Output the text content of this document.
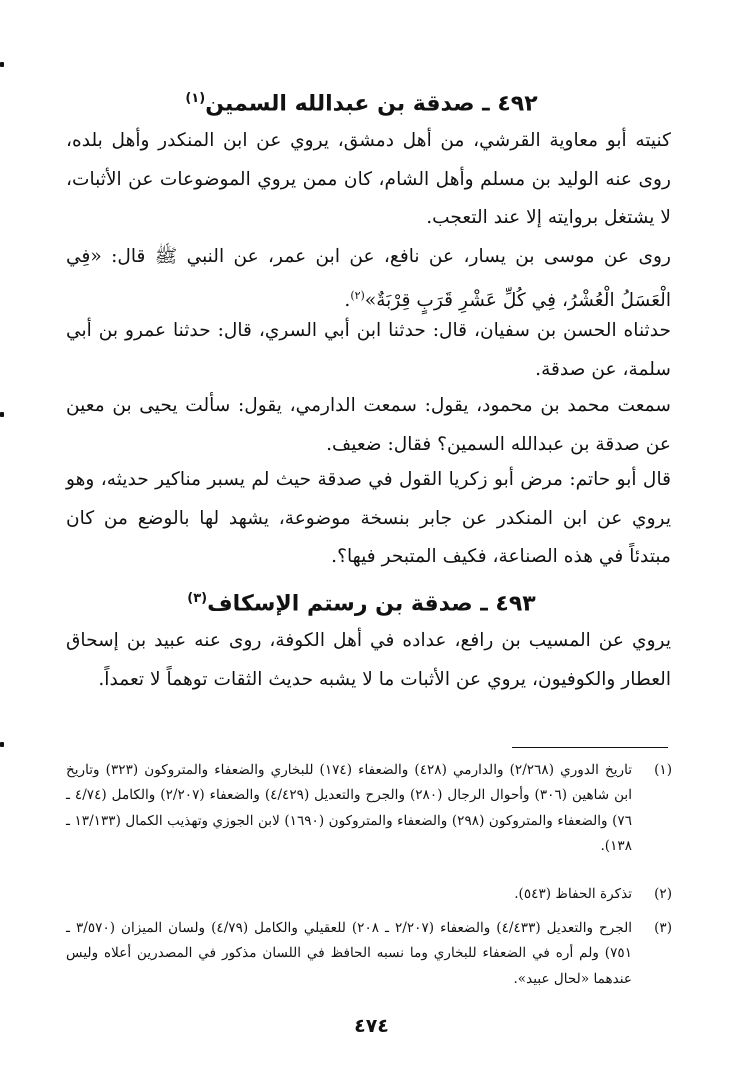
٤٩٢ ـ صدقة بن عبدالله السمين$^{(١)}$
كنيته أبو معاوية القرشي، من أهل دمشق، يروي عن ابن المنكدر وأهل بلده، روى عنه الوليد بن مسلم وأهل الشام، كان ممن يروي الموضوعات عن الأثبات، لا يشتغل بروايته إلا عند التعجب.
روى عن موسى بن يسار، عن نافع، عن ابن عمر، عن النبي ﷺ قال: «فِي الْعَسَلُ الْعُشْرُ، فِي كُلِّ عَشْرِ قَرَبٍ قِرْبَةٌ»$^{(٢)}$.
حدثناه الحسن بن سفيان، قال: حدثنا ابن أبي السري، قال: حدثنا عمرو بن أبي سلمة، عن صدقة.
سمعت محمد بن محمود، يقول: سمعت الدارمي، يقول: سألت يحيى بن معين عن صدقة بن عبدالله السمين؟ فقال: ضعيف.
قال أبو حاتم: مرض أبو زكريا القول في صدقة حيث لم يسبر مناكير حديثه، وهو يروي عن ابن المنكدر عن جابر بنسخة موضوعة، يشهد لها بالوضع من كان مبتدئاً في هذه الصناعة، فكيف المتبحر فيها؟.
٤٩٣ ـ صدقة بن رستم الإسكاف$^{(٣)}$
يروي عن المسيب بن رافع، عداده في أهل الكوفة، روى عنه عبيد بن إسحاق العطار والكوفيون، يروي عن الأثبات ما لا يشبه حديث الثقات توهماً لا تعمداً.
(١)
تاريخ الدوري (٢/٢٦٨) والدارمي (٤٢٨) والضعفاء (١٧٤) للبخاري والضعفاء والمتروكون (٣٢٣) وتاريخ ابن شاهين (٣٠٦) وأحوال الرجال (٢٨٠) والجرح والتعديل (٤/٤٢٩) والضعفاء (٢/٢٠٧) والكامل (٤/٧٤ ـ ٧٦) والضعفاء والمتروكون (٢٩٨) والضعفاء والمتروكون (١٦٩٠) لابن الجوزي وتهذيب الكمال (١٣/١٣٣ ـ ١٣٨).
(٢)
تذكرة الحفاظ (٥٤٣).
(٣)
الجرح والتعديل (٤/٤٣٣) والضعفاء (٢/٢٠٧ ـ ٢٠٨) للعقيلي والكامل (٤/٧٩) ولسان الميزان (٣/٥٧٠ ـ ٧٥١) ولم أره في الضعفاء للبخاري وما نسبه الحافظ في اللسان مذكور في المصدرين أعلاه وليس عندهما «لحال عبيد».
٤٧٤
